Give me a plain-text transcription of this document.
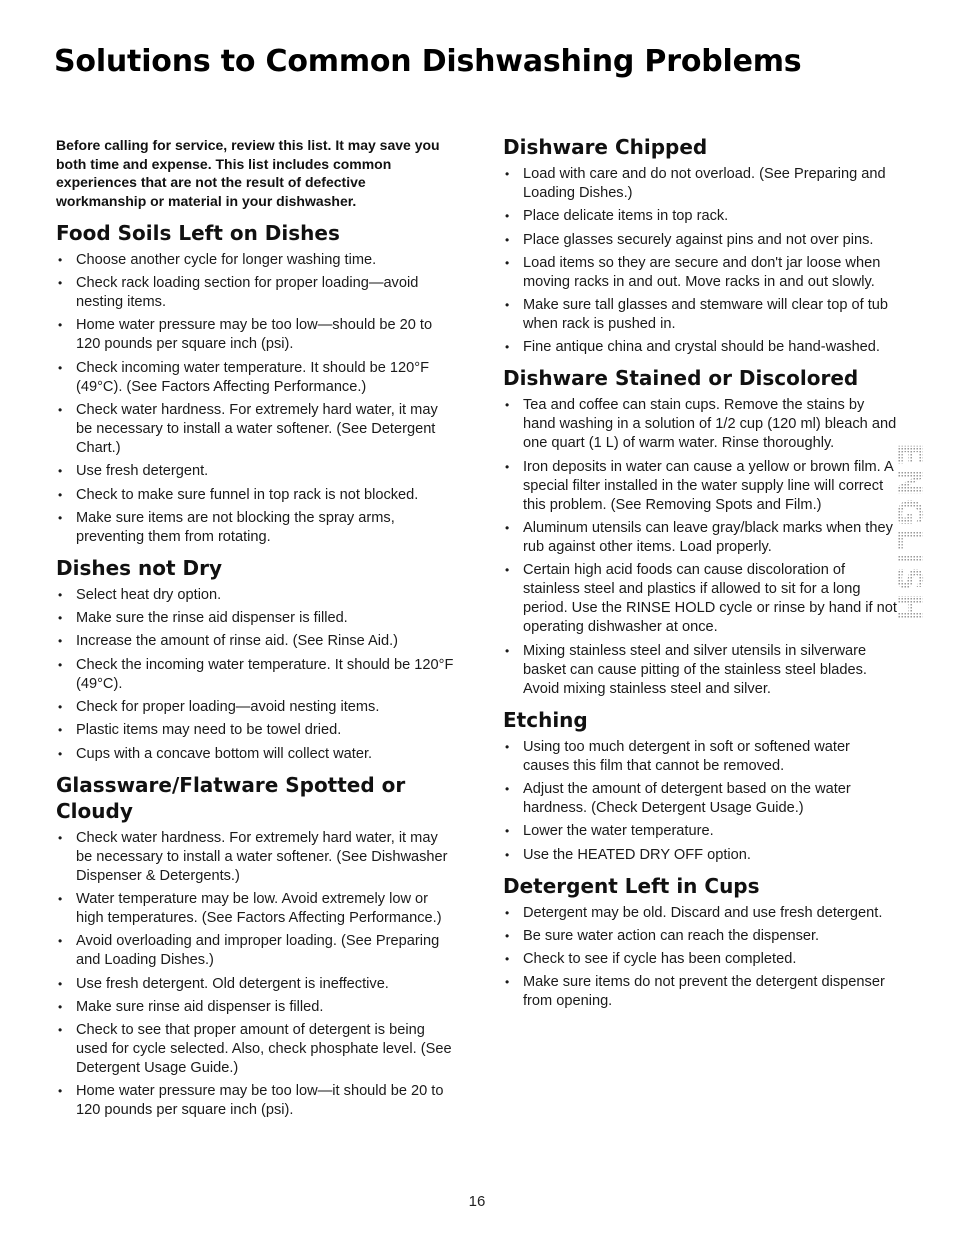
Solutions to Common Dishwashing Problems

Before calling for service, review this list. It may save you both time and expense. This list includes common experiences that are not the result of defective workmanship or material in your dishwasher.

Food Soils Left on Dishes
• Choose another cycle for longer washing time.
• Check rack loading section for proper loading—avoid nesting items.
• Home water pressure may be too low—should be 20 to 120 pounds per square inch (psi).
• Check incoming water temperature. It should be 120°F (49°C). (See Factors Affecting Performance.)
• Check water hardness. For extremely hard water, it may be necessary to install a water softener. (See Detergent Chart.)
• Use fresh detergent.
• Check to make sure funnel in top rack is not blocked.
• Make sure items are not blocking the spray arms, preventing them from rotating.
Dishes not Dry
• Select heat dry option.
• Make sure the rinse aid dispenser is filled.
• Increase the amount of rinse aid. (See Rinse Aid.)
• Check the incoming water temperature. It should be 120°F (49°C).
• Check for proper loading—avoid nesting items.
• Plastic items may need to be towel dried.
• Cups with a concave bottom will collect water.
Glassware/Flatware Spotted or Cloudy
• Check water hardness. For extremely hard water, it may be necessary to install a water softener. (See Dishwasher Dispenser & Detergents.)
• Water temperature may be low. Avoid extremely low or high temperatures. (See Factors Affecting Performance.)
• Avoid overloading and improper loading. (See Preparing and Loading Dishes.)
• Use fresh detergent. Old detergent is ineffective.
• Make sure rinse aid dispenser is filled.
• Check to see that proper amount of detergent is being used for cycle selected. Also, check phosphate level. (See Detergent Usage Guide.)
• Home water pressure may be too low—it should be 20 to 120 pounds per square inch (psi).
Dishware Chipped
• Load with care and do not overload. (See Preparing and Loading Dishes.)
• Place delicate items in top rack.
• Place glasses securely against pins and not over pins.
• Load items so they are secure and don't jar loose when moving racks in and out. Move racks in and out slowly.
• Make sure tall glasses and stemware will clear top of tub when rack is pushed in.
• Fine antique china and crystal should be hand-washed.
Dishware Stained or Discolored
• Tea and coffee can stain cups. Remove the stains by hand washing in a solution of 1/2 cup (120 ml) bleach and one quart (1 L) of warm water. Rinse thoroughly.
• Iron deposits in water can cause a yellow or brown film. A special filter installed in the water supply line will correct this problem. (See Removing Spots and Film.)
• Aluminum utensils can leave gray/black marks when they rub against other items. Load properly.
• Certain high acid foods can cause discoloration of stainless steel and plastics if allowed to sit for a long period. Use the RINSE HOLD cycle or rinse by hand if not operating dishwasher at once.
• Mixing stainless steel and silver utensils in silverware basket can cause pitting of the stainless steel blades. Avoid mixing stainless steel and silver.
Etching
• Using too much detergent in soft or softened water causes this film that cannot be removed.
• Adjust the amount of detergent based on the water hardness. (Check Detergent Usage Guide.)
• Lower the water temperature.
• Use the HEATED DRY OFF option.
Detergent Left in Cups
• Detergent may be old. Discard and use fresh detergent.
• Be sure water action can reach the dispenser.
• Check to see if cycle has been completed.
• Make sure items do not prevent the detergent dispenser from opening.
ENGLISH
16
